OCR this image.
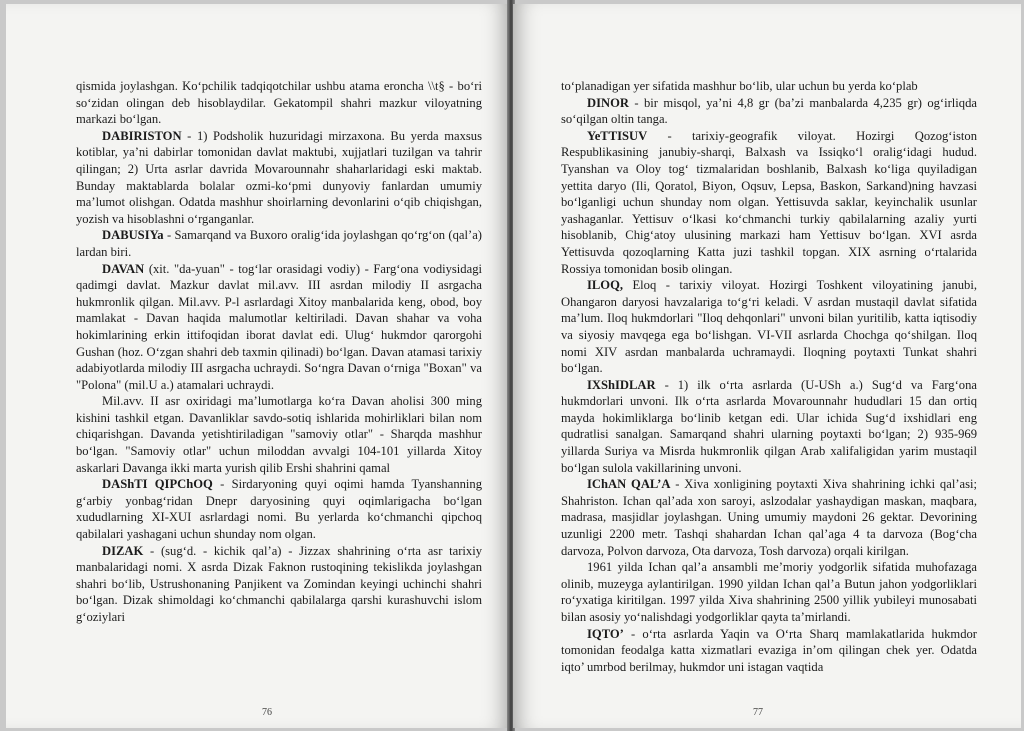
qismida joylashgan. Ko‘pchilik tadqiqotchilar ushbu atama eroncha \\t§ - bo‘ri so‘zidan olingan deb hisoblaydilar. Gekatompil shahri mazkur viloyatning markazi bo‘lgan.

DABIRISTON - 1) Podsholik huzuridagi mirzaxona. Bu yerda maxsus kotiblar, ya’ni dabirlar tomonidan davlat maktubi, xujjatlari tuzilgan va tahrir qilingan; 2) Urta asrlar davrida Movarounnahr shaharlaridagi eski maktab. Bunday maktablarda bolalar ozmi-ko‘pmi dunyoviy fanlardan umumiy ma’lumot olishgan. Odatda mashhur shoirlarning devonlarini o‘qib chiqishgan, yozish va hisoblashni o‘rganganlar.

DABUSIYa - Samarqand va Buxoro oralig‘ida joylashgan qo‘rg‘on (qal’a) lardan biri.

DAVAN (xit. "da-yuan" - tog‘lar orasidagi vodiy) - Farg‘ona vodiysidagi qadimgi davlat. Mazkur davlat mil.avv. III asrdan milodiy II asrgacha hukmronlik qilgan. Mil.avv. P-l asrlardagi Xitoy manbalarida keng, obod, boy mamlakat - Davan haqida malumotlar keltiriladi. Davan shahar va voha hokimlarining erkin ittifoqidan iborat davlat edi. Ulug‘ hukmdor qarorgohi Gushan (hoz. O‘zgan shahri deb taxmin qilinadi) bo‘lgan. Davan atamasi tarixiy adabiyotlarda milodiy III asrgacha uchraydi. So‘ngra Davan o‘rniga "Boxan" va "Polona" (mil.U a.) atamalari uchraydi.

Mil.avv. II asr oxiridagi ma’lumotlarga ko‘ra Davan aholisi 300 ming kishini tashkil etgan. Davanliklar savdo-sotiq ishlarida mohirliklari bilan nom chiqarishgan. Davanda yetishtiriladigan "samoviy otlar" - Sharqda mashhur bo‘lgan. "Samoviy otlar" uchun miloddan avvalgi 104-101 yillarda Xitoy askarlari Davanga ikki marta yurish qilib Ershi shahrini qamal

DAShTI QIPChOQ - Sirdaryoning quyi oqimi hamda Tyanshanning g‘arbiy yonbag‘ridan Dnepr daryosining quyi oqimlarigacha bo‘lgan xududlarning XI-XUI asrlardagi nomi. Bu yerlarda ko‘chmanchi qipchoq qabilalari yashagani uchun shunday nom olgan.

DIZAK - (sug‘d. - kichik qal’a) - Jizzax shahrining o‘rta asr tarixiy manbalaridagi nomi. X asrda Dizak Faknon rustoqining tekislikda joylashgan shahri bo‘lib, Ustrushonaning Panjikent va Zomindan keyingi uchinchi shahri bo‘lgan. Dizak shimoldagi ko‘chmanchi qabilalarga qarshi kurashuvchi islom g‘oziylari

76

to‘planadigan yer sifatida mashhur bo‘lib, ular uchun bu yerda ko‘plab

DINOR - bir misqol, ya’ni 4,8 gr (ba’zi manbalarda 4,235 gr) og‘irliqda so‘qilgan oltin tanga.

YeTTISUV - tarixiy-geografik viloyat. Hozirgi Qozog‘iston Respublikasining janubiy-sharqi, Balxash va Issiqko‘l oralig‘idagi hudud. Tyanshan va Oloy tog‘ tizmalaridan boshlanib, Balxash ko‘liga quyiladigan yettita daryo (Ili, Qoratol, Biyon, Oqsuv, Lepsa, Baskon, Sarkand)ning havzasi bo‘lganligi uchun shunday nom olgan. Yettisuvda saklar, keyinchalik usunlar yashaganlar. Yettisuv o‘lkasi ko‘chmanchi turkiy qabilalarning azaliy yurti hisoblanib, Chig‘atoy ulusining markazi ham Yettisuv bo‘lgan. XVI asrda Yettisuvda qozoqlarning Katta juzi tashkil topgan. XIX asrning o‘rtalarida Rossiya tomonidan bosib olingan.

ILOQ, Eloq - tarixiy viloyat. Hozirgi Toshkent viloyatining janubi, Ohangaron daryosi havzalariga to‘g‘ri keladi. V asrdan mustaqil davlat sifatida ma’lum. Iloq hukmdorlari "Iloq dehqonlari" unvoni bilan yuritilib, katta iqtisodiy va siyosiy mavqega ega bo‘lishgan. VI-VII asrlarda Chochga qo‘shilgan. Iloq nomi XIV asrdan manbalarda uchramaydi. Iloqning poytaxti Tunkat shahri bo‘lgan.

IXShIDLAR - 1) ilk o‘rta asrlarda (U-USh a.) Sug‘d va Farg‘ona hukmdorlari unvoni. Ilk o‘rta asrlarda Movarounnahr hududlari 15 dan ortiq mayda hokimliklarga bo‘linib ketgan edi. Ular ichida Sug‘d ixshidlari eng qudratlisi sanalgan. Samarqand shahri ularning poytaxti bo‘lgan; 2) 935-969 yillarda Suriya va Misrda hukmronlik qilgan Arab xalifaligidan yarim mustaqil bo‘lgan sulola vakillarining unvoni.

IChAN QAL’A - Xiva xonligining poytaxti Xiva shahrining ichki qal’asi; Shahriston. Ichan qal’ada xon saroyi, aslzodalar yashaydigan maskan, maqbara, madrasa, masjidlar joylashgan. Uning umumiy maydoni 26 gektar. Devorining uzunligi 2200 metr. Tashqi shahardan Ichan qal’aga 4 ta darvoza (Bog‘cha darvoza, Polvon darvoza, Ota darvoza, Tosh darvoza) orqali kirilgan.

1961 yilda Ichan qal’a ansambli me’moriy yodgorlik sifatida muhofazaga olinib, muzeyga aylantirilgan. 1990 yildan Ichan qal’a Butun jahon yodgorliklari ro‘yxatiga kiritilgan. 1997 yilda Xiva shahrining 2500 yillik yubileyi munosabati bilan asosiy yo‘nalishdagi yodgorliklar qayta ta’mirlandi.

IQTO’ - o‘rta asrlarda Yaqin va O‘rta Sharq mamlakatlarida hukmdor tomonidan feodalga katta xizmatlari evaziga in’om qilingan chek yer. Odatda iqto’ umrbod berilmay, hukmdor uni istagan vaqtida

77
